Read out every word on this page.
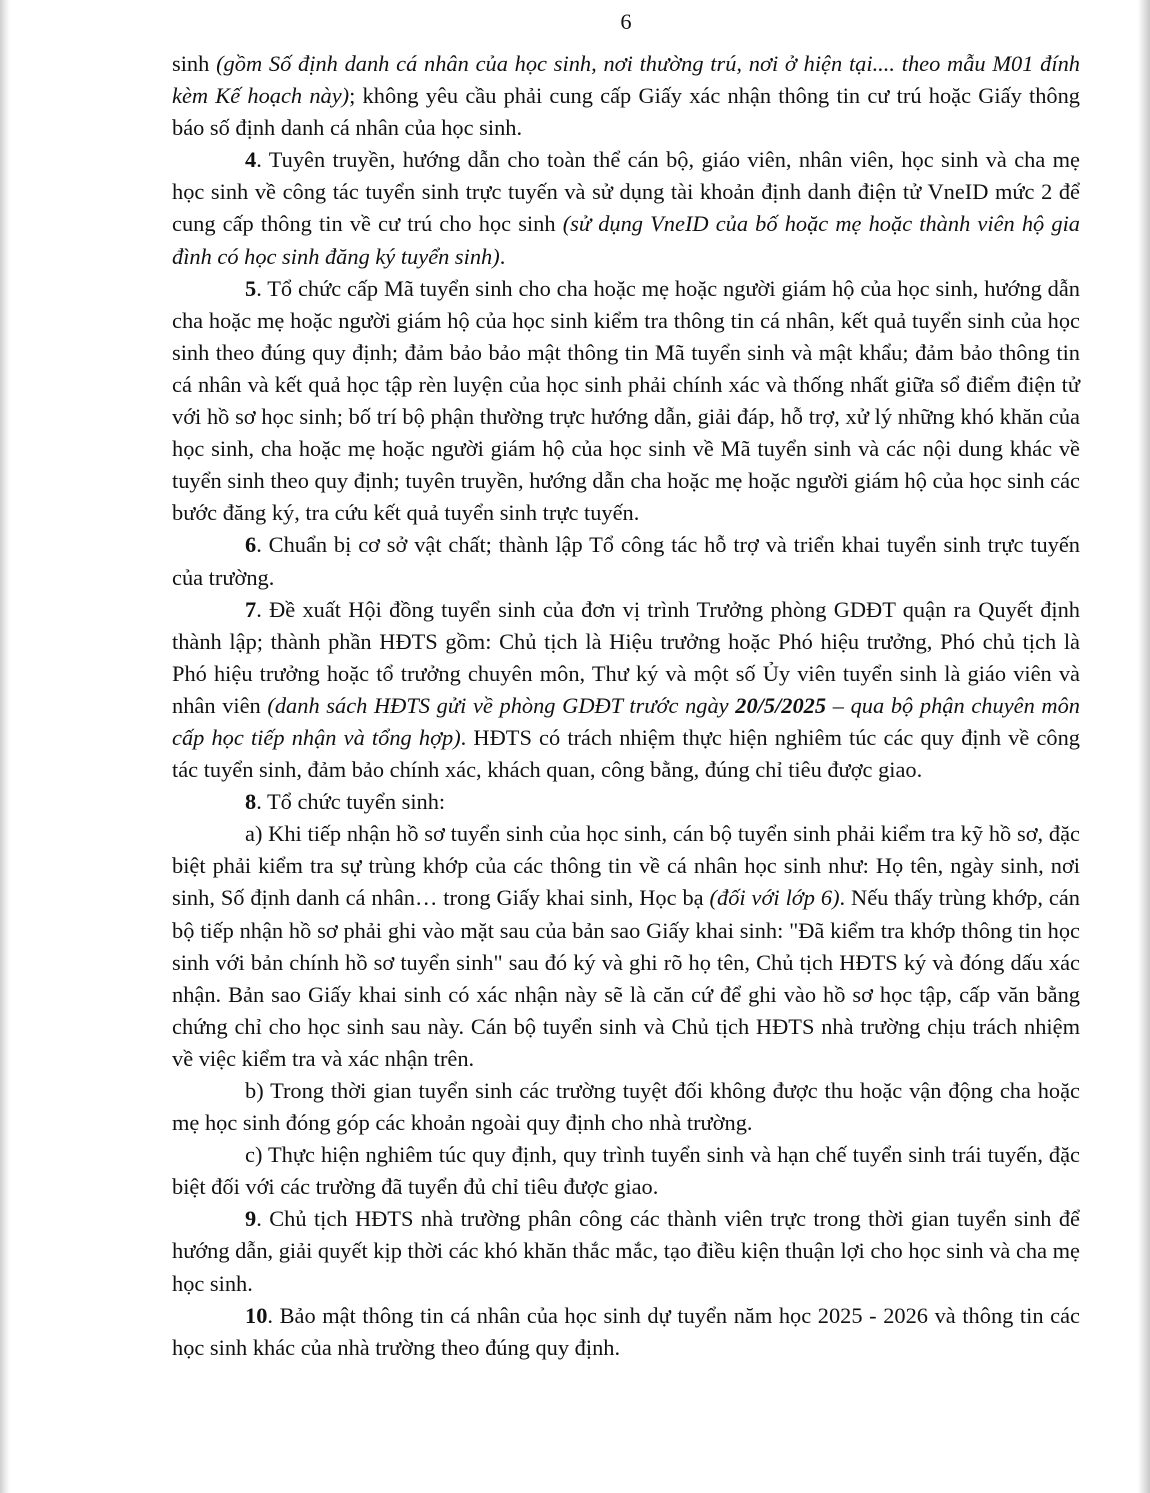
6

sinh (gồm Số định danh cá nhân của học sinh, nơi thường trú, nơi ở hiện tại.... theo mẫu M01 đính kèm Kế hoạch này); không yêu cầu phải cung cấp Giấy xác nhận thông tin cư trú hoặc Giấy thông báo số định danh cá nhân của học sinh.

4. Tuyên truyền, hướng dẫn cho toàn thể cán bộ, giáo viên, nhân viên, học sinh và cha mẹ học sinh về công tác tuyển sinh trực tuyến và sử dụng tài khoản định danh điện tử VneID mức 2 để cung cấp thông tin về cư trú cho học sinh (sử dụng VneID của bố hoặc mẹ hoặc thành viên hộ gia đình có học sinh đăng ký tuyển sinh).

5. Tổ chức cấp Mã tuyển sinh cho cha hoặc mẹ hoặc người giám hộ của học sinh, hướng dẫn cha hoặc mẹ hoặc người giám hộ của học sinh kiểm tra thông tin cá nhân, kết quả tuyển sinh của học sinh theo đúng quy định; đảm bảo bảo mật thông tin Mã tuyển sinh và mật khẩu; đảm bảo thông tin cá nhân và kết quả học tập rèn luyện của học sinh phải chính xác và thống nhất giữa sổ điểm điện tử với hồ sơ học sinh; bố trí bộ phận thường trực hướng dẫn, giải đáp, hỗ trợ, xử lý những khó khăn của học sinh, cha hoặc mẹ hoặc người giám hộ của học sinh về Mã tuyển sinh và các nội dung khác về tuyển sinh theo quy định; tuyên truyền, hướng dẫn cha hoặc mẹ hoặc người giám hộ của học sinh các bước đăng ký, tra cứu kết quả tuyển sinh trực tuyến.

6. Chuẩn bị cơ sở vật chất; thành lập Tổ công tác hỗ trợ và triển khai tuyển sinh trực tuyến của trường.

7. Đề xuất Hội đồng tuyển sinh của đơn vị trình Trưởng phòng GDĐT quận ra Quyết định thành lập; thành phần HĐTS gồm: Chủ tịch là Hiệu trưởng hoặc Phó hiệu trưởng, Phó chủ tịch là Phó hiệu trưởng hoặc tổ trưởng chuyên môn, Thư ký và một số Ủy viên tuyển sinh là giáo viên và nhân viên (danh sách HĐTS gửi về phòng GDĐT trước ngày 20/5/2025 – qua bộ phận chuyên môn cấp học tiếp nhận và tổng hợp). HĐTS có trách nhiệm thực hiện nghiêm túc các quy định về công tác tuyển sinh, đảm bảo chính xác, khách quan, công bằng, đúng chỉ tiêu được giao.

8. Tổ chức tuyển sinh:

a) Khi tiếp nhận hồ sơ tuyển sinh của học sinh, cán bộ tuyển sinh phải kiểm tra kỹ hồ sơ, đặc biệt phải kiểm tra sự trùng khớp của các thông tin về cá nhân học sinh như: Họ tên, ngày sinh, nơi sinh, Số định danh cá nhân… trong Giấy khai sinh, Học bạ (đối với lớp 6). Nếu thấy trùng khớp, cán bộ tiếp nhận hồ sơ phải ghi vào mặt sau của bản sao Giấy khai sinh: "Đã kiểm tra khớp thông tin học sinh với bản chính hồ sơ tuyển sinh" sau đó ký và ghi rõ họ tên, Chủ tịch HĐTS ký và đóng dấu xác nhận. Bản sao Giấy khai sinh có xác nhận này sẽ là căn cứ để ghi vào hồ sơ học tập, cấp văn bằng chứng chỉ cho học sinh sau này. Cán bộ tuyển sinh và Chủ tịch HĐTS nhà trường chịu trách nhiệm về việc kiểm tra và xác nhận trên.

b) Trong thời gian tuyển sinh các trường tuyệt đối không được thu hoặc vận động cha hoặc mẹ học sinh đóng góp các khoản ngoài quy định cho nhà trường.

c) Thực hiện nghiêm túc quy định, quy trình tuyển sinh và hạn chế tuyển sinh trái tuyến, đặc biệt đối với các trường đã tuyển đủ chỉ tiêu được giao.

9. Chủ tịch HĐTS nhà trường phân công các thành viên trực trong thời gian tuyển sinh để hướng dẫn, giải quyết kịp thời các khó khăn thắc mắc, tạo điều kiện thuận lợi cho học sinh và cha mẹ học sinh.

10. Bảo mật thông tin cá nhân của học sinh dự tuyển năm học 2025 - 2026 và thông tin các học sinh khác của nhà trường theo đúng quy định.
